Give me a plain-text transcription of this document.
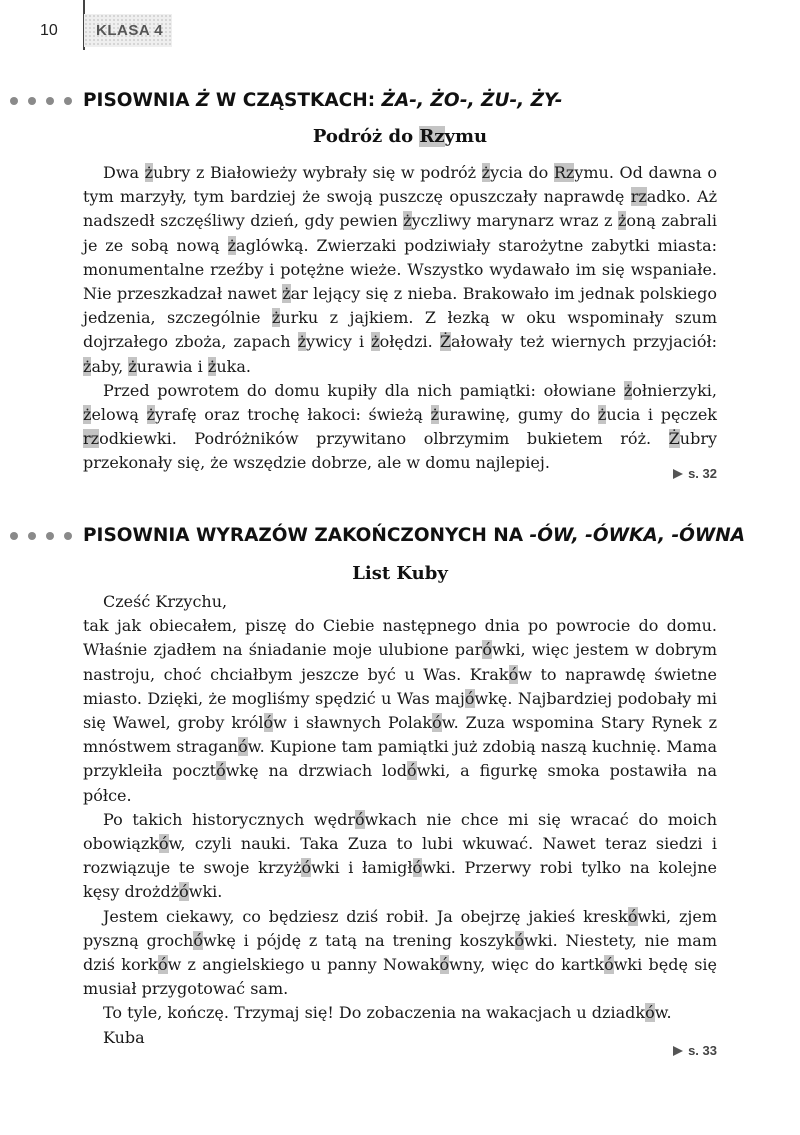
10	KLASA 4
PISOWNIA Ż W CZĄSTKACH: ŻA-, ŻO-, ŻU-, ŻY-
Podróż do Rzymu

Dwa żubry z Białowieży wybrały się w podróż życia do Rzymu. Od dawna o tym marzyły, tym bardziej że swoją puszczę opuszczały naprawdę rzadko. Aż nadszedł szczęśliwy dzień, gdy pewien życzliwy marynarz wraz z żoną zabrali je ze sobą nową żaglówką. Zwierzaki podziwiały starożytne zabytki miasta: monumentalne rzeźby i potężne wieże. Wszystko wydawało im się wspaniałe. Nie przeszkadzał nawet żar lejący się z nieba. Brakowało im jednak polskiego jedzenia, szczególnie żurku z jajkiem. Z łezką w oku wspominały szum dojrzałego zboża, zapach żywicy i żołędzi. Żałowały też wiernych przyjaciół: żaby, żurawia i żuka.

Przed powrotem do domu kupiły dla nich pamiątki: ołowiane żołnierzyki, żelową żyrafę oraz trochę łakoci: świeżą żurawinę, gumy do żucia i pęczek rzodkiewki. Podróżników przywitano olbrzymim bukietem róż. Żubry przekonały się, że wszędzie dobrze, ale w domu najlepiej.

s. 32
PISOWNIA WYRAZÓW ZAKOŃCZONYCH NA -ÓW, -ÓWKA, -ÓWNA
List Kuby

Cześć Krzychu,

tak jak obiecałem, piszę do Ciebie następnego dnia po powrocie do domu. Właśnie zjadłem na śniadanie moje ulubione parówki, więc jestem w dobrym nastroju, choć chciałbym jeszcze być u Was. Kraków to naprawdę świetne miasto. Dzięki, że mogliśmy spędzić u Was majówkę. Najbardziej podobały mi się Wawel, groby królów i sławnych Polaków. Zuza wspomina Stary Rynek z mnóstwem straganów. Kupione tam pamiątki już zdobią naszą kuchnię. Mama przykleiła pocztówkę na drzwiach lodówki, a figurkę smoka postawiła na półce.

Po takich historycznych wędrówkach nie chce mi się wracać do moich obowiązków, czyli nauki. Taka Zuza to lubi wkuwać. Nawet teraz siedzi i rozwiązuje te swoje krzyżówki i łamigłówki. Przerwy robi tylko na kolejne kęsy drożdżówki.

Jestem ciekawy, co będziesz dziś robił. Ja obejrzę jakieś kreskówki, zjem pyszną grochówkę i pójdę z tatą na trening koszykówki. Niestety, nie mam dziś korków z angielskiego u panny Nowakówny, więc do kartkówki będę się musiał przygotować sam.

To tyle, kończę. Trzymaj się! Do zobaczenia na wakacjach u dziadków.

Kuba

s. 33
